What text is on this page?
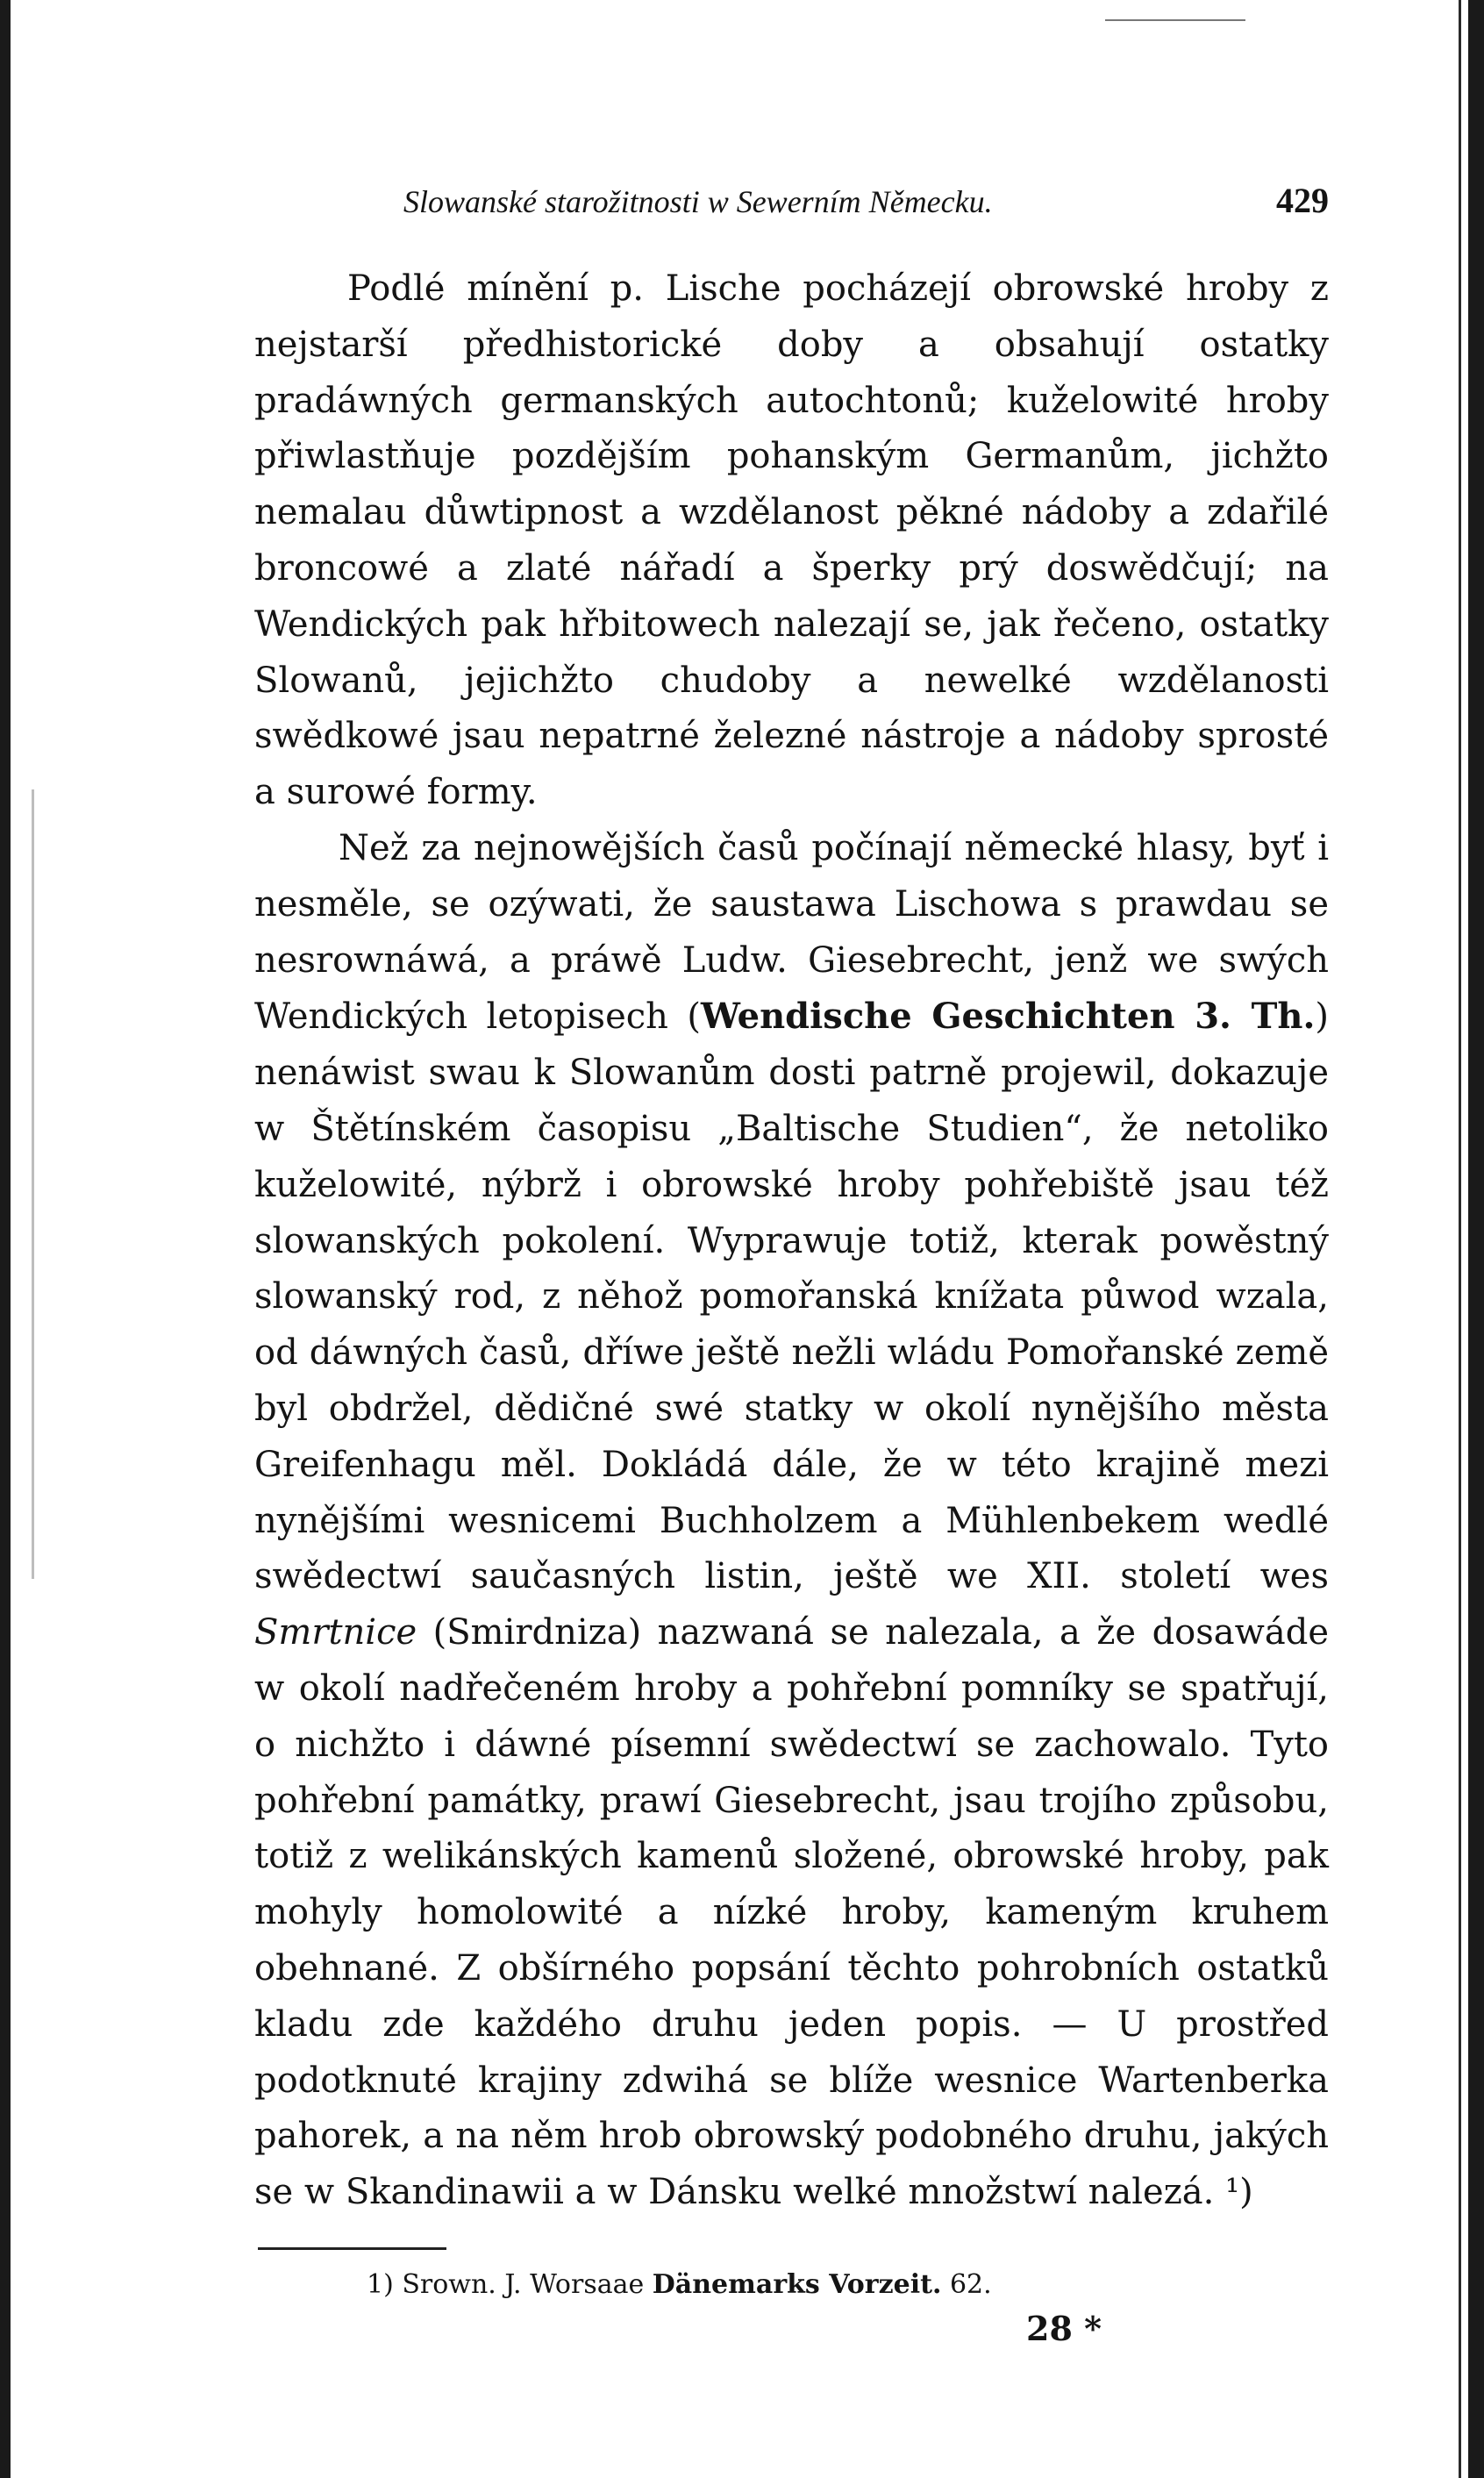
Slowanské starožitnosti w Sewerním Německu.	429

Podlé mínění p. Lische pocházejí obrowské hroby z nejstarší předhistorické doby a obsahují ostatky pradáwných germanských autochtonů; kuželowité hroby přiwlastňuje pozdějším pohanským Germanům, jichžto nemalau důwtipnost a wzdělanost pěkné nádoby a zdařilé broncowé a zlaté nářadí a šperky prý doswědčují; na Wendických pak hřbitowech nalezají se, jak řečeno, ostatky Slowanů, jejichžto chudoby a newelké wzdělanosti swědkowé jsau nepatrné železné nástroje a nádoby sprosté a surowé formy.

Než za nejnowějších časů počínají německé hlasy, byť i nesměle, se ozýwati, že saustawa Lischowa s prawdau se nesrownáwá, a práwě Ludw. Giesebrecht, jenž we swých Wendických letopisech (Wendische Geschichten 3. Th.) nenáwist swau k Slowanům dosti patrně projewil, dokazuje w Štětínském časopisu „Baltische Studien“, že netoliko kuželowité, nýbrž i obrowské hroby pohřebiště jsau též slowanských pokolení. Wyprawuje totiž, kterak powěstný slowanský rod, z něhož pomořanská knížata půwod wzala, od dáwných časů, dříwe ještě nežli wládu Pomořanské země byl obdržel, dědičné swé statky w okolí nynějšího města Greifenhagu měl. Dokládá dále, že w této krajině mezi nynějšími wesnicemi Buchholzem a Mühlenbekem wedlé swědectwí saučasných listin, ještě we XII. století wes Smrtnice (Smirdniza) nazwaná se nalezala, a že dosawáde w okolí nadřečeném hroby a pohřební pomníky se spatřují, o nichžto i dáwné písemní swědectwí se zachowalo. Tyto pohřební památky, prawí Giesebrecht, jsau trojího způsobu, totiž z welikánských kamenů složené, obrowské hroby, pak mohyly homolowité a nízké hroby, kameným kruhem obehnané. Z obšírného popsání těchto pohrobních ostatků kladu zde každého druhu jeden popis. — U prostřed podotknuté krajiny zdwihá se blíže wesnice Wartenberka pahorek, a na něm hrob obrowský podobného druhu, jakých se w Skandinawii a w Dánsku welké množstwí nalezá. ¹)

1) Srown. J. Worsaae Dänemarks Vorzeit. 62.
28 *
